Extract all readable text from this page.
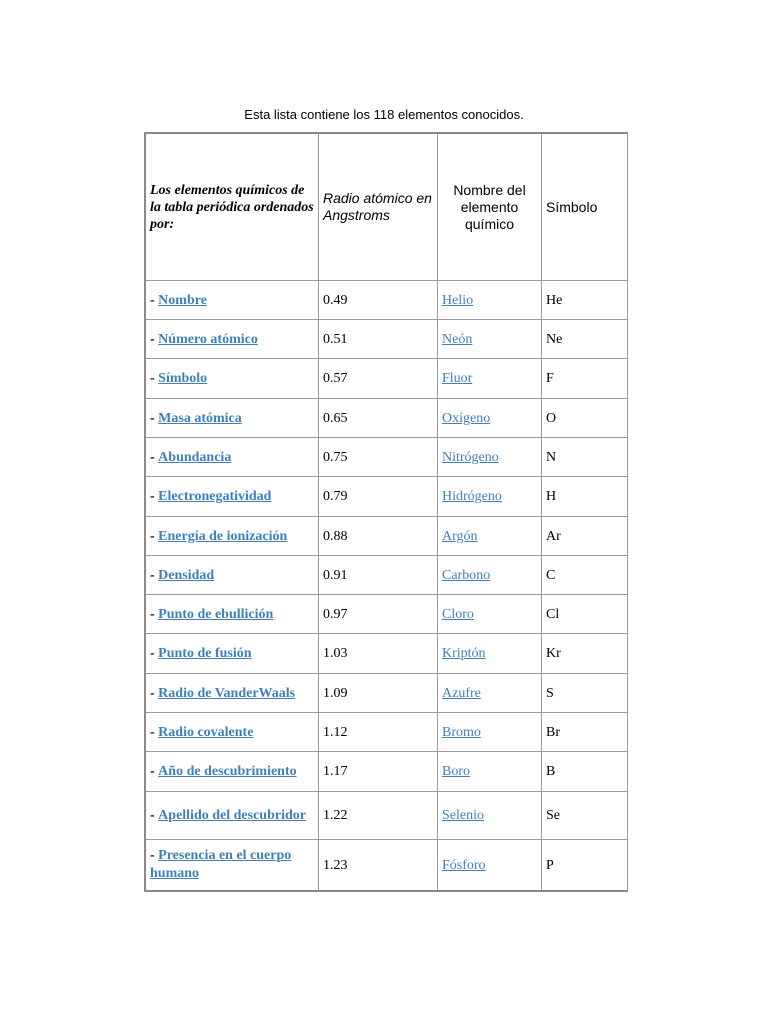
Esta lista contiene los 118 elementos conocidos.
Los elementos químicos de la tabla periódica ordenados por:	Radio atómico en Angstroms	Nombre del elemento químico	Símbolo
- Nombre	0.49	Helio	He
- Número atómico	0.51	Neón	Ne
- Símbolo	0.57	Fluor	F
- Masa atómica	0.65	Oxígeno	O
- Abundancia	0.75	Nitrógeno	N
- Electronegatividad	0.79	Hidrógeno	H
- Energía de ionización	0.88	Argón	Ar
- Densidad	0.91	Carbono	C
- Punto de ebullición	0.97	Cloro	Cl
- Punto de fusión	1.03	Kriptón	Kr
- Radio de VanderWaals	1.09	Azufre	S
- Radio covalente	1.12	Bromo	Br
- Año de descubrimiento	1.17	Boro	B
- Apellido del descubridor	1.22	Selenio	Se
- Presencia en el cuerpo humano	1.23	Fósforo	P
